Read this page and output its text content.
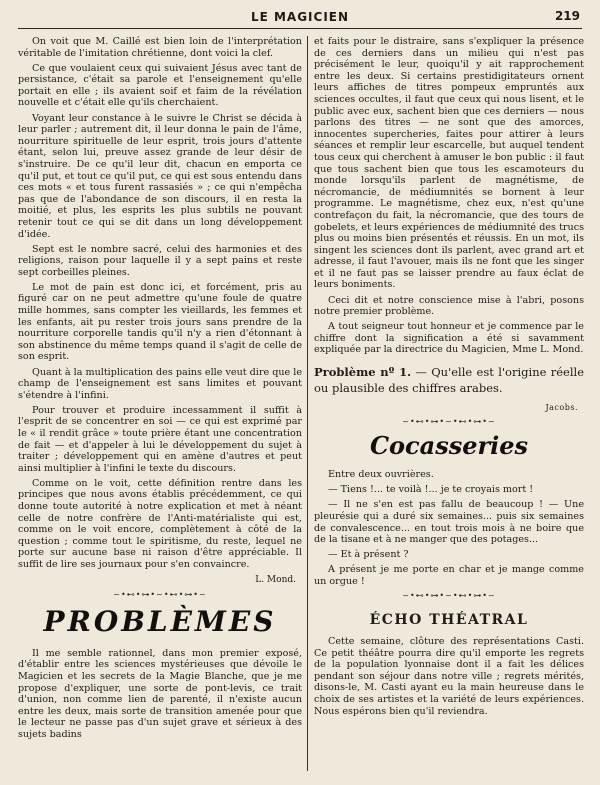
LE MAGICIEN	219

On voit que M. Caillé est bien loin de l'interprétation véritable de l'imitation chrétienne, dont voici la clef.

Ce que voulaient ceux qui suivaient Jésus avec tant de persistance, c'était sa parole et l'enseignement qu'elle portait en elle ; ils avaient soif et faim de la révélation nouvelle et c'était elle qu'ils cherchaient.

Voyant leur constance à le suivre le Christ se décida à leur parler ; autrement dit, il leur donna le pain de l'âme, nourriture spirituelle de leur esprit, trois jours d'attente étant, selon lui, preuve assez grande de leur désir de s'instruire. De ce qu'il leur dit, chacun en emporta ce qu'il put, et tout ce qu'il put, ce qui est sous entendu dans ces mots « et tous furent rassasiés » ; ce qui n'empêcha pas que de l'abondance de son discours, il en resta la moitié, et plus, les esprits les plus subtils ne pouvant retenir tout ce qui se dit dans un long développement d'idée.

Sept est le nombre sacré, celui des harmonies et des religions, raison pour laquelle il y a sept pains et reste sept corbeilles pleines.

Le mot de pain est donc ici, et forcément, pris au figuré car on ne peut admettre qu'une foule de quatre mille hommes, sans compter les vieillards, les femmes et les enfants, ait pu rester trois jours sans prendre de la nourriture corporelle tandis qu'il n'y a rien d'étonnant à son abstinence du même temps quand il s'agit de celle de son esprit.

Quant à la multiplication des pains elle veut dire que le champ de l'enseignement est sans limites et pouvant s'étendre à l'infini.

Pour trouver et produire incessamment il suffit à l'esprit de se concentrer en soi — ce qui est exprimé par le « il rendit grâce » toute prière étant une concentration de fait — et d'appeler à lui le développement du sujet à traiter ; développement qui en amène d'autres et peut ainsi multiplier à l'infini le texte du discours.

Comme on le voit, cette définition rentre dans les principes que nous avons établis précédemment, ce qui donne toute autorité à notre explication et met à néant celle de notre confrère de l'Anti-matérialiste qui est, comme on le voit encore, complètement à côté de la question ; comme tout le spiritisme, du reste, lequel ne porte sur aucune base ni raison d'être appréciable. Il suffit de lire ses journaux pour s'en convaincre.

L. Mond.

~•⊷•⊶•~•⊷•⊶•~
PROBLÈMES

Il me semble rationnel, dans mon premier exposé, d'établir entre les sciences mystérieuses que dévoile le Magicien et les secrets de la Magie Blanche, que je me propose d'expliquer, une sorte de pont-levis, ce trait d'union, non comme lien de parenté, il n'existe aucun entre les deux, mais sorte de transition amenée pour que le lecteur ne passe pas d'un sujet grave et sérieux à des sujets badins

et faits pour le distraire, sans s'expliquer la présence de ces derniers dans un milieu qui n'est pas précisément le leur, quoiqu'il y ait rapprochement entre les deux. Si certains prestidigitateurs ornent leurs affiches de titres pompeux empruntés aux sciences occultes, il faut que ceux qui nous lisent, et le public avec eux, sachent bien que ces derniers — nous parlons des titres — ne sont que des amorces, innocentes supercheries, faites pour attirer à leurs séances et remplir leur escarcelle, but auquel tendent tous ceux qui cherchent à amuser le bon public : il faut que tous sachent bien que tous les escamoteurs du monde lorsqu'ils parlent de magnétisme, de nécromancie, de médiumnités se bornent à leur programme. Le magnétisme, chez eux, n'est qu'une contrefaçon du fait, la nécromancie, que des tours de gobelets, et leurs expériences de médiumnité des trucs plus ou moins bien présentés et réussis. En un mot, ils singent les sciences dont ils parlent, avec grand art et adresse, il faut l'avouer, mais ils ne font que les singer et il ne faut pas se laisser prendre au faux éclat de leurs boniments.

Ceci dit et notre conscience mise à l'abri, posons notre premier problème.

A tout seigneur tout honneur et je commence par le chiffre dont la signification a été si savamment expliquée par la directrice du Magicien, Mme L. Mond.

Problème nº 1. — Qu'elle est l'origine réelle ou plausible des chiffres arabes.

Jacobs.

~•⊷•⊶•~•⊷•⊶•~
Cocasseries

Entre deux ouvrières.

— Tiens !... te voilà !... je te croyais mort !

— Il ne s'en est pas fallu de beaucoup ! — Une pleurésie qui a duré six semaines... puis six semaines de convalescence... en tout trois mois à ne boire que de la tisane et à ne manger que des potages...

— Et à présent ?

A présent je me porte en char et je mange comme un orgue !

~•⊷•⊶•~•⊷•⊶•~
ÉCHO THÉATRAL

Cette semaine, clôture des représentations Casti. Ce petit théâtre pourra dire qu'il emporte les regrets de la population lyonnaise dont il a fait les délices pendant son séjour dans notre ville ; regrets mérités, disons-le, M. Casti ayant eu la main heureuse dans le choix de ses artistes et la variété de leurs expériences. Nous espérons bien qu'il reviendra.
